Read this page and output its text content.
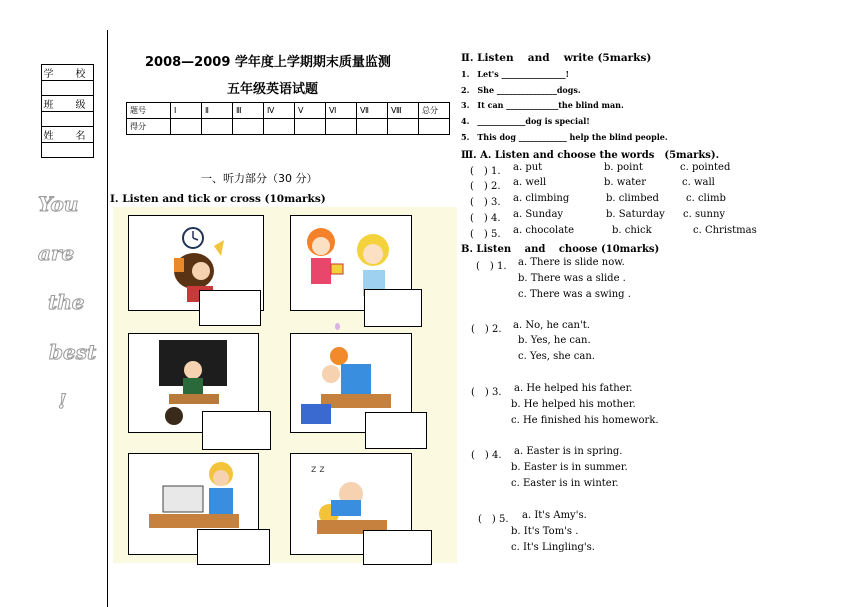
学　校

班　级

姓　名

You
are
the
best
!
2008—2009 学年度上学期期末质量监测
五年级英语试题
题号	Ⅰ	Ⅱ	Ⅲ	Ⅳ	Ⅴ	Ⅵ	Ⅶ	Ⅷ	总分
得分									
一、听力部分（30 分）
Ⅰ. Listen and tick or cross (10marks)
z z
Ⅱ. Listen　 and　 write (5marks)
1.　Let's ________________!
2.　She _______________dogs.
3.　It can _____________the blind man.
4.　____________dog is special!
5.　This dog ____________ help the blind people.
Ⅲ. A. Listen and choose the words　(5marks).
(　) 1. a. put	b. point	c. pointed
(　) 2. a. well	b. water	c. wall
(　) 3. a. climbing	b. climbed	c. climb
(　) 4. a. Sunday	b. Saturday c. sunny
(　) 5. a. chocolate	b. chick	c. Christmas
B. Listen　 and　 choose (10marks)
(　) 1. a. There is slide now.
b. There was a slide .
c. There was a swing .
(　) 2. a. No, he can't.
b. Yes, he can.
c. Yes, she can.
(　) 3. a. He helped his father.
b. He helped his mother.
c. He finished his homework.
(　) 4. a. Easter is in spring.
b. Easter is in summer.
c. Easter is in winter.
(　) 5. a. It's Amy's.
b. It's Tom's .
c. It's Lingling's.
